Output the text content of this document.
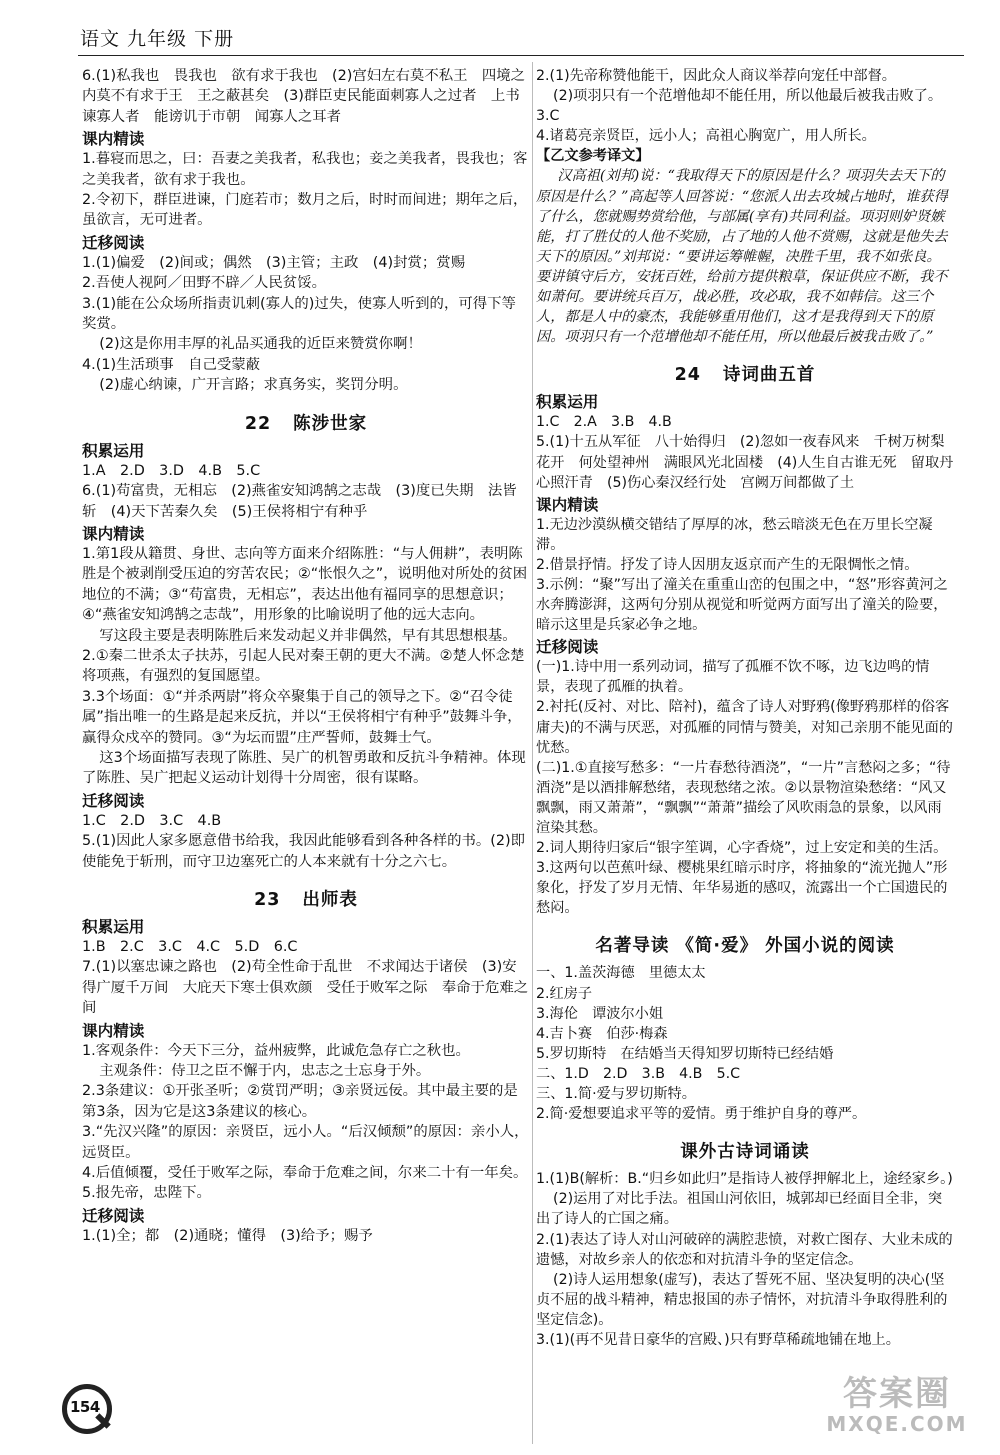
语文 九年级 下册
6.(1)私我也　畏我也　欲有求于我也　(2)宫妇左右莫不私王　四境之内莫不有求于王　王之蔽甚矣　(3)群臣吏民能面刺寡人之过者　上书谏寡人者　能谤讥于市朝　闻寡人之耳者
课内精读
1.暮寝而思之，曰：吾妻之美我者，私我也；妾之美我者，畏我也；客之美我者，欲有求于我也。
2.令初下，群臣进谏，门庭若市；数月之后，时时而间进；期年之后，虽欲言，无可进者。
迁移阅读
1.(1)偏爱　(2)间或；偶然　(3)主管；主政　(4)封赏；赏赐
2.吾使人视阿／田野不辟／人民贫馁。
3.(1)能在公众场所指责讥刺(寡人的)过失，使寡人听到的，可得下等奖赏。
(2)这是你用丰厚的礼品买通我的近臣来赞赏你啊！
4.(1)生活琐事　自己受蒙蔽
(2)虚心纳谏，广开言路；求真务实，奖罚分明。
22 陈涉世家
积累运用
1.A　2.D　3.D　4.B　5.C
6.(1)苟富贵，无相忘　(2)燕雀安知鸿鹄之志哉　(3)度已失期　法皆斩　(4)天下苦秦久矣　(5)王侯将相宁有种乎
课内精读
1.第1段从籍贯、身世、志向等方面来介绍陈胜：“与人佣耕”，表明陈胜是个被剥削受压迫的穷苦农民；②“怅恨久之”，说明他对所处的贫困地位的不满；③“苟富贵，无相忘”，表达出他有福同享的思想意识；④“燕雀安知鸿鹄之志哉”，用形象的比喻说明了他的远大志向。
写这段主要是表明陈胜后来发动起义并非偶然，早有其思想根基。
2.①秦二世杀太子扶苏，引起人民对秦王朝的更大不满。②楚人怀念楚将项燕，有强烈的复国愿望。
3.3个场面：①“并杀两尉”将众卒聚集于自己的领导之下。②“召令徒属”指出唯一的生路是起来反抗，并以“王侯将相宁有种乎”鼓舞斗争，赢得众戍卒的赞同。③“为坛而盟”庄严誓师，鼓舞士气。
这3个场面描写表现了陈胜、吴广的机智勇敢和反抗斗争精神。体现了陈胜、吴广把起义运动计划得十分周密，很有谋略。
迁移阅读
1.C　2.D　3.C　4.B
5.(1)因此人家多愿意借书给我，我因此能够看到各种各样的书。(2)即使能免于斩刑，而守卫边塞死亡的人本来就有十分之六七。
23 出师表
积累运用
1.B　2.C　3.C　4.C　5.D　6.C
7.(1)以塞忠谏之路也　(2)苟全性命于乱世　不求闻达于诸侯　(3)安得广厦千万间　大庇天下寒士俱欢颜　受任于败军之际　奉命于危难之间
课内精读
1.客观条件：今天下三分，益州疲弊，此诚危急存亡之秋也。
主观条件：侍卫之臣不懈于内，忠志之士忘身于外。
2.3条建议：①开张圣听；②赏罚严明；③亲贤远佞。其中最主要的是第3条，因为它是这3条建议的核心。
3.“先汉兴隆”的原因：亲贤臣，远小人。“后汉倾颓”的原因：亲小人，远贤臣。
4.后值倾覆，受任于败军之际，奉命于危难之间，尔来二十有一年矣。
5.报先帝，忠陛下。
迁移阅读
1.(1)全；都　(2)通晓；懂得　(3)给予；赐予
2.(1)先帝称赞他能干，因此众人商议举荐向宠任中部督。
(2)项羽只有一个范增他却不能任用，所以他最后被我击败了。
3.C
4.诸葛亮亲贤臣，远小人；高祖心胸宽广，用人所长。
【乙文参考译文】
汉高祖(刘邦)说：“我取得天下的原因是什么？项羽失去天下的原因是什么？”高起等人回答说：“您派人出去攻城占地时，谁获得了什么，您就赐势赏给他，与部属(享有)共同利益。项羽则妒贤嫉能，打了胜仗的人他不奖励，占了地的人他不赏赐，这就是他失去天下的原因。”刘邦说：“要讲运筹帷幄，决胜千里，我不如张良。要讲镇守后方，安抚百姓，给前方提供粮草，保证供应不断，我不如萧何。要讲统兵百万，战必胜，攻必取，我不如韩信。这三个人，都是人中的豪杰，我能够重用他们，这才是我得到天下的原因。项羽只有一个范增他却不能任用，所以他最后被我击败了。”
24 诗词曲五首
积累运用
1.C　2.A　3.B　4.B
5.(1)十五从军征　八十始得归　(2)忽如一夜春风来　千树万树梨花开　何处望神州　满眼风光北固楼　(4)人生自古谁无死　留取丹心照汗青　(5)伤心秦汉经行处　宫阙万间都做了土
课内精读
1.无边沙漠纵横交错结了厚厚的冰，愁云暗淡无色在万里长空凝滞。
2.借景抒情。抒发了诗人因朋友返京而产生的无限惆怅之情。
3.示例：“聚”写出了潼关在重重山峦的包围之中，“怒”形容黄河之水奔腾澎湃，这两句分别从视觉和听觉两方面写出了潼关的险要，暗示这里是兵家必争之地。
迁移阅读
(一)1.诗中用一系列动词，描写了孤雁不饮不啄，边飞边鸣的情景，表现了孤雁的执着。
2.衬托(反衬、对比、陪衬)，蕴含了诗人对野鸦(像野鸦那样的俗客庸夫)的不满与厌恶，对孤雁的同情与赞美，对知己亲朋不能见面的忧愁。
(二)1.①直接写愁多：“一片春愁待酒浇”，“一片”言愁闷之多；“待酒浇”是以酒排解愁绪，表现愁绪之浓。②以景物渲染愁绪：“风又飘飘，雨又萧萧”，“飘飘”“萧萧”描绘了风吹雨急的景象，以风雨渲染其愁。
2.词人期待归家后“银字笙调，心字香烧”，过上安定和美的生活。
3.这两句以芭蕉叶绿、樱桃果红暗示时序，将抽象的“流光抛人”形象化，抒发了岁月无情、年华易逝的感叹，流露出一个亡国遗民的愁闷。
名著导读 《简·爱》 外国小说的阅读
一、1.盖茨海德　里德太太
2.红房子
3.海伦　谭波尔小姐
4.吉卜赛　伯莎·梅森
5.罗切斯特　在结婚当天得知罗切斯特已经结婚
二、1.D　2.D　3.B　4.B　5.C
三、1.简·爱与罗切斯特。
2.简·爱想要追求平等的爱情。勇于维护自身的尊严。
课外古诗词诵读
1.(1)B(解析：B.“归乡如此归”是指诗人被俘押解北上，途经家乡。)
(2)运用了对比手法。祖国山河依旧，城郭却已经面目全非，突出了诗人的亡国之痛。
2.(1)表达了诗人对山河破碎的满腔悲愤，对救亡图存、大业未成的遗憾，对故乡亲人的依恋和对抗清斗争的坚定信念。
(2)诗人运用想象(虚写)，表达了誓死不屈、坚决复明的决心(坚贞不屈的战斗精神，精忠报国的赤子情怀，对抗清斗争取得胜利的坚定信念)。
3.(1)(再不见昔日豪华的宫殿、)只有野草稀疏地铺在地上。
154	答案圈
MXQE.COM
